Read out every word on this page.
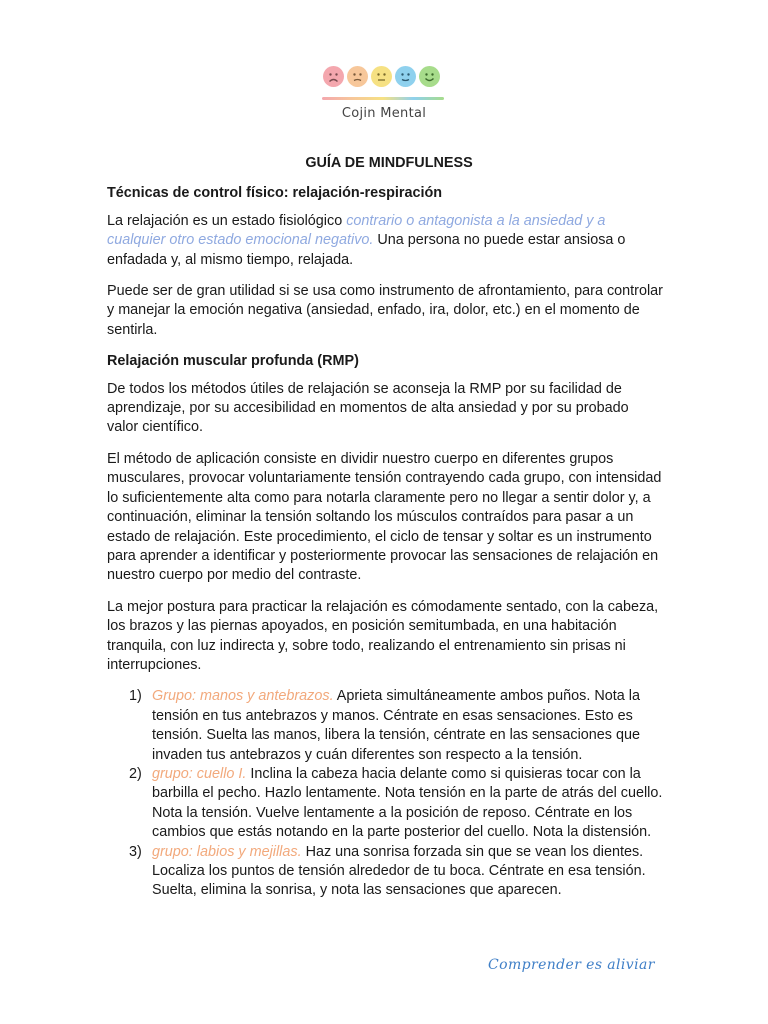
Cojin Mental
GUÍA DE MINDFULNESS
Técnicas de control físico: relajación-respiración

La relajación es un estado fisiológico contrario o antagonista a la ansiedad y a cualquier otro estado emocional negativo. Una persona no puede estar ansiosa o enfadada y, al mismo tiempo, relajada.

Puede ser de gran utilidad si se usa como instrumento de afrontamiento, para controlar y manejar la emoción negativa (ansiedad, enfado, ira, dolor, etc.) en el momento de sentirla.

Relajación muscular profunda (RMP)

De todos los métodos útiles de relajación se aconseja la RMP por su facilidad de aprendizaje, por su accesibilidad en momentos de alta ansiedad y por su probado valor científico.

El método de aplicación consiste en dividir nuestro cuerpo en diferentes grupos musculares, provocar voluntariamente tensión contrayendo cada grupo, con intensidad lo suficientemente alta como para notarla claramente pero no llegar a sentir dolor y, a continuación, eliminar la tensión soltando los músculos contraídos para pasar a un estado de relajación. Este procedimiento, el ciclo de tensar y soltar es un instrumento para aprender a identificar y posteriormente provocar las sensaciones de relajación en nuestro cuerpo por medio del contraste.

La mejor postura para practicar la relajación es cómodamente sentado, con la cabeza, los brazos y las piernas apoyados, en posición semitumbada, en una habitación tranquila, con luz indirecta y, sobre todo, realizando el entrenamiento sin prisas ni interrupciones.

1) Grupo: manos y antebrazos. Aprieta simultáneamente ambos puños. Nota la tensión en tus antebrazos y manos. Céntrate en esas sensaciones. Esto es tensión. Suelta las manos, libera la tensión, céntrate en las sensaciones que invaden tus antebrazos y cuán diferentes son respecto a la tensión.
2) grupo: cuello I. Inclina la cabeza hacia delante como si quisieras tocar con la barbilla el pecho. Hazlo lentamente. Nota tensión en la parte de atrás del cuello. Nota la tensión. Vuelve lentamente a la posición de reposo. Céntrate en los cambios que estás notando en la parte posterior del cuello. Nota la distensión.
3) grupo: labios y mejillas. Haz una sonrisa forzada sin que se vean los dientes. Localiza los puntos de tensión alrededor de tu boca. Céntrate en esa tensión. Suelta, elimina la sonrisa, y nota las sensaciones que aparecen.
Comprender es aliviar
